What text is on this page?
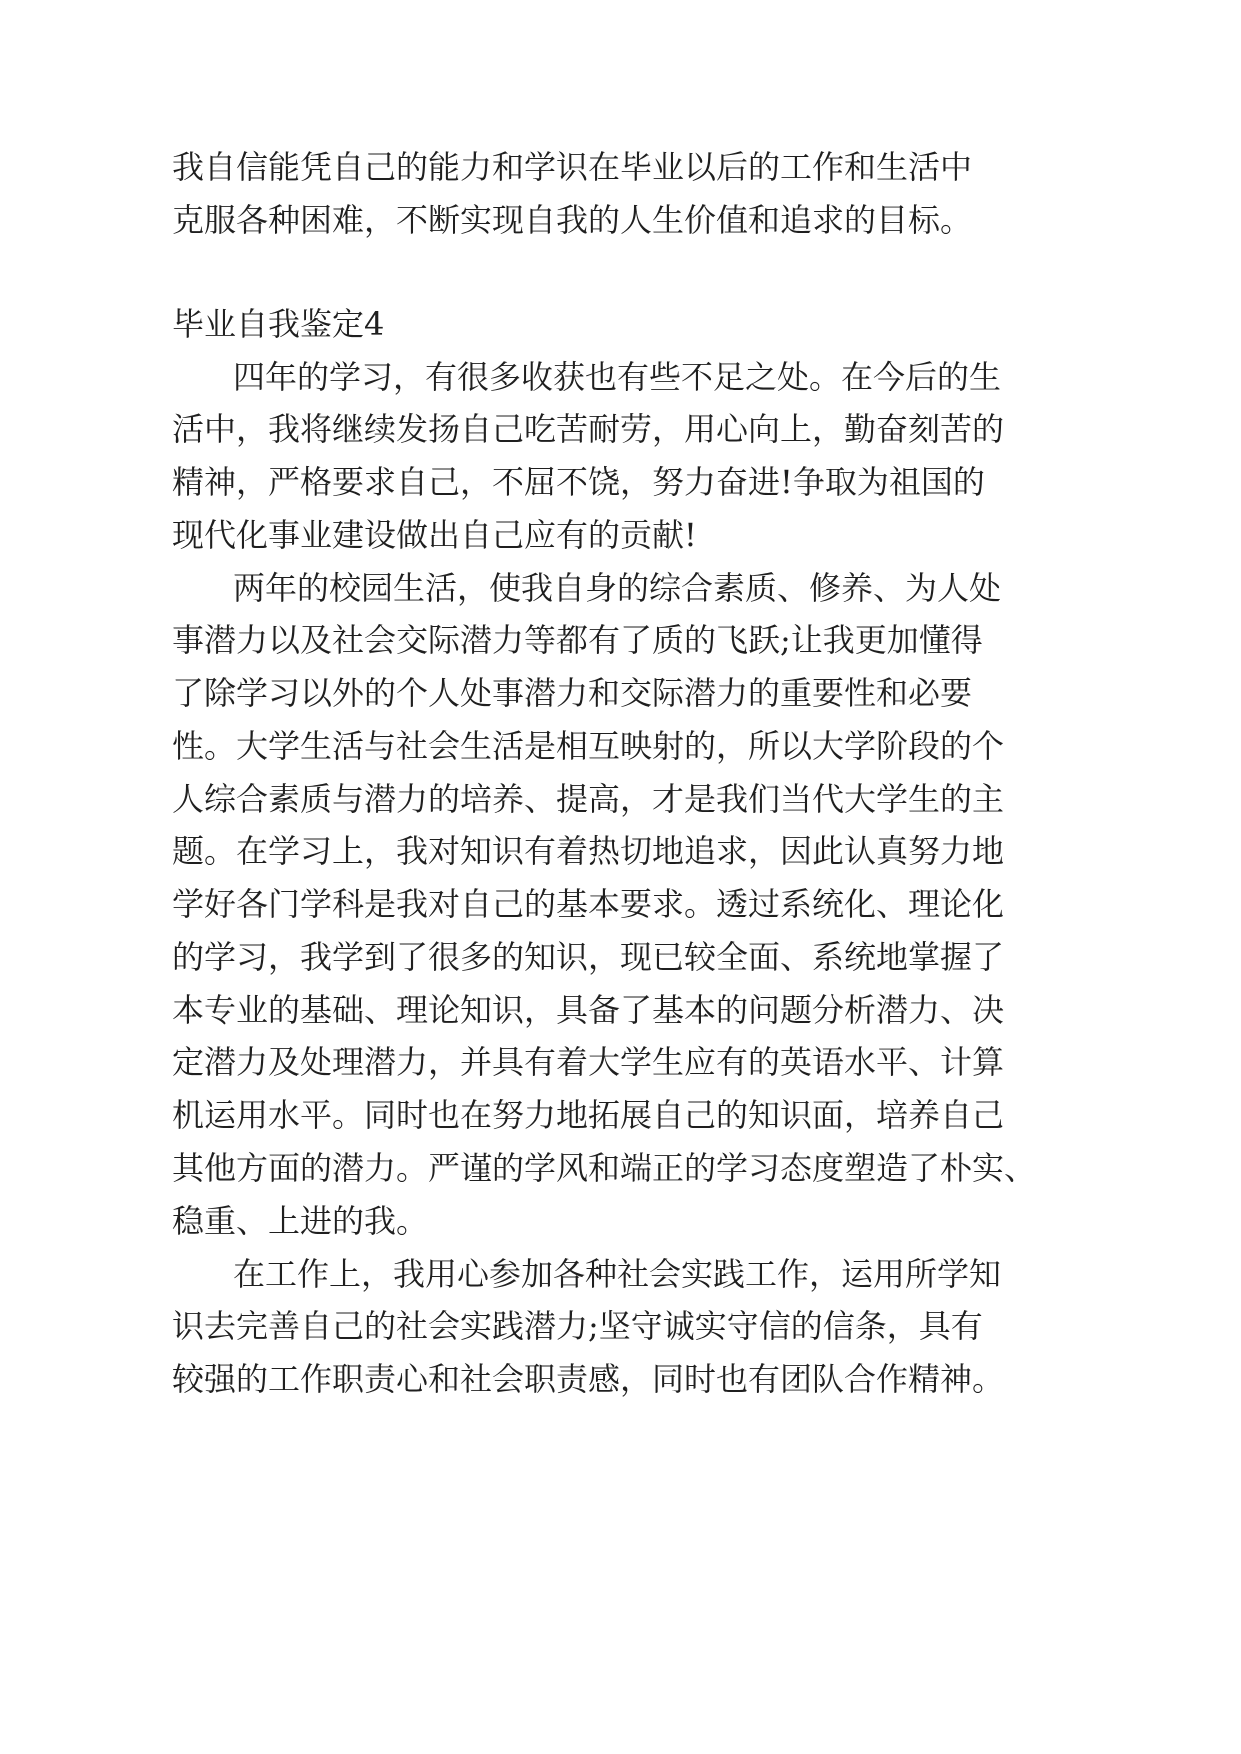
我自信能凭自己的能力和学识在毕业以后的工作和生活中

克服各种困难，不断实现自我的人生价值和追求的目标。

毕业自我鉴定4

四年的学习，有很多收获也有些不足之处。在今后的生

活中，我将继续发扬自己吃苦耐劳，用心向上，勤奋刻苦的

精神，严格要求自己，不屈不饶，努力奋进!争取为祖国的

现代化事业建设做出自己应有的贡献!

两年的校园生活，使我自身的综合素质、修养、为人处

事潜力以及社会交际潜力等都有了质的飞跃;让我更加懂得

了除学习以外的个人处事潜力和交际潜力的重要性和必要

性。大学生活与社会生活是相互映射的，所以大学阶段的个

人综合素质与潜力的培养、提高，才是我们当代大学生的主

题。在学习上，我对知识有着热切地追求，因此认真努力地

学好各门学科是我对自己的基本要求。透过系统化、理论化

的学习，我学到了很多的知识，现已较全面、系统地掌握了

本专业的基础、理论知识，具备了基本的问题分析潜力、决

定潜力及处理潜力，并具有着大学生应有的英语水平、计算

机运用水平。同时也在努力地拓展自己的知识面，培养自己

其他方面的潜力。严谨的学风和端正的学习态度塑造了朴实、

稳重、上进的我。

在工作上，我用心参加各种社会实践工作，运用所学知

识去完善自己的社会实践潜力;坚守诚实守信的信条，具有

较强的工作职责心和社会职责感，同时也有团队合作精神。
